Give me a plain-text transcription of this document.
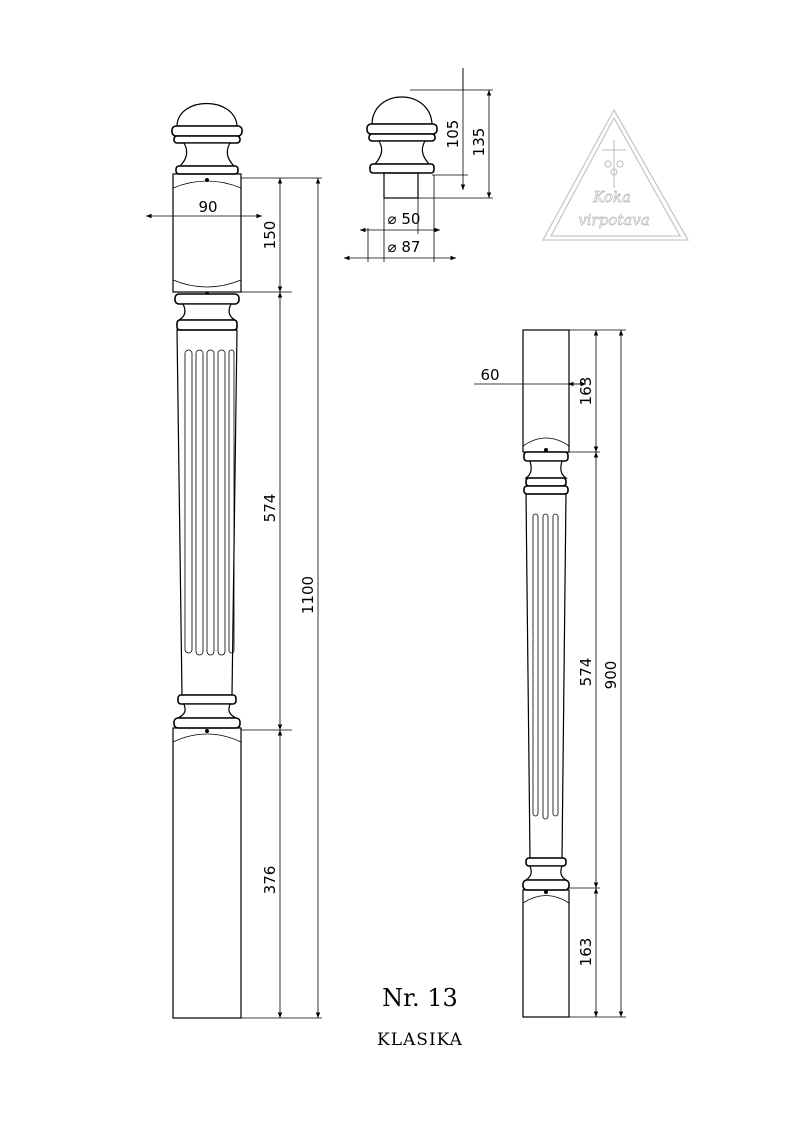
90
150
574
376
1100
105 135
⌀ 50
⌀ 87
Koka
virpotava
60
163
574
163
900
Nr. 13
KLASIKA
